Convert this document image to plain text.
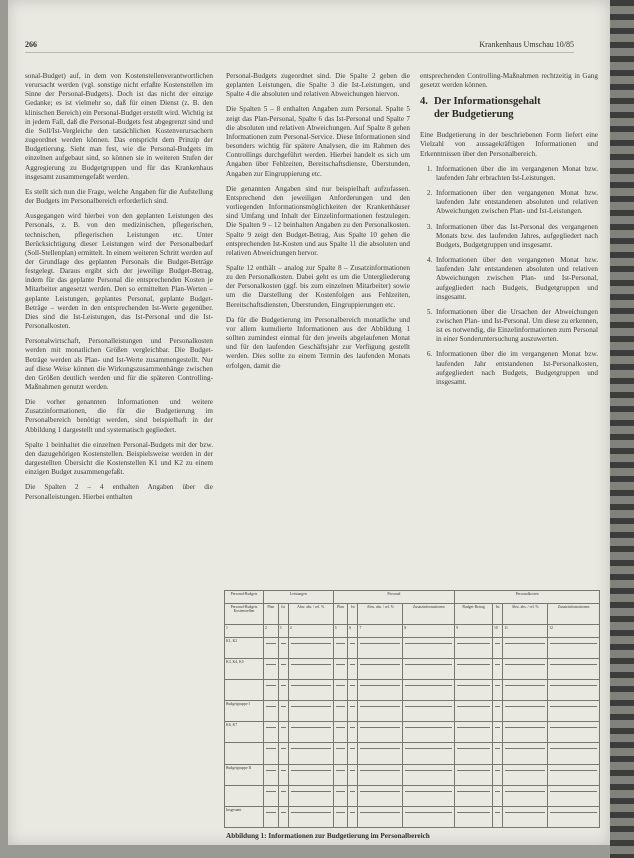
266	Krankenhaus Umschau 10/85

sonal-Budget) auf, in dem von Kostenstellenverantwortlichen verursacht werden (vgl. sonstige nicht erfaßte Kostenstellen im Sinne der Personal-Budgets). Doch ist das nicht der einzige Gedanke; es ist vielmehr so, daß für einen Dienst (z. B. den klinischen Bereich) ein Personal-Budget erstellt wird. Wichtig ist in jedem Fall, daß die Personal-Budgets fest abgegrenzt sind und die Soll/Ist-Vergleiche den tatsächlichen Kostenverursachern zugeordnet werden können. Das entspricht dem Prinzip der Budgetierung. Sieht man fest, wie die Personal-Budgets im einzelnen aufgebaut sind, so können sie in weiteren Stufen der Aggregierung zu Budgetgruppen und für das Krankenhaus insgesamt zusammengefaßt werden.

Es stellt sich nun die Frage, welche Angaben für die Aufstellung der Budgets im Personalbereich erforderlich sind.

Ausgegangen wird hierbei von den geplanten Leistungen des Personals, z. B. von den medizinischen, pflegerischen, technischen, pflegerischen Leistungen etc. Unter Berücksichtigung dieser Leistungen wird der Personalbedarf (Soll-Stellenplan) ermittelt. In einem weiteren Schritt werden auf der Grundlage des geplanten Personals die Budget-Beträge festgelegt. Daraus ergibt sich der jeweilige Budget-Betrag, indem für das geplante Personal die entsprechenden Kosten je Mitarbeiter angesetzt werden. Den so ermittelten Plan-Werten – geplante Leistungen, geplantes Personal, geplante Budget-Beträge – werden in den entsprechenden Ist-Werte gegenüber. Dies sind die Ist-Leistungen, das Ist-Personal und die Ist-Personalkosten.

Personalwirtschaft, Personalleistungen und Personalkosten werden mit monatlichen Größen vergleichbar. Die Budget-Beträge werden als Plan- und Ist-Werte zusammengestellt. Nur auf diese Weise können die Wirkungszusammenhänge zwischen den Größen deutlich werden und für die späteren Controlling-Maßnahmen genutzt werden.

Die vorher genannten Informationen und weitere Zusatzinformationen, die für die Budgetierung im Personalbereich benötigt werden, sind beispielhaft in der Abbildung 1 dargestellt und systematisch gegliedert.

Spalte 1 beinhaltet die einzelnen Personal-Budgets mit der bzw. den dazugehörigen Kostenstellen. Beispielsweise werden in der dargestellten Übersicht die Kostenstellen K1 und K2 zu einem einzigen Budget zusammengefaßt.

Die Spalten 2 – 4 enthalten Angaben über die Personalleistungen. Hierbei enthalten

Personal-Budgets zugeordnet sind. Die Spalte 2 geben die geplanten Leistungen, die Spalte 3 die Ist-Leistungen, und Spalte 4 die absoluten und relativen Abweichungen hiervon.

Die Spalten 5 – 8 enthalten Angaben zum Personal. Spalte 5 zeigt das Plan-Personal, Spalte 6 das Ist-Personal und Spalte 7 die absoluten und relativen Abweichungen. Auf Spalte 8 gehen Informationen zum Personal-Service. Diese Informationen sind besonders wichtig für spätere Analysen, die im Rahmen des Controllings durchgeführt werden. Hierbei handelt es sich um Angaben über Fehlzeiten, Bereitschaftsdienste, Überstunden, Angaben zur Eingruppierung etc.

Die genannten Angaben sind nur beispielhaft aufzufassen. Entsprechend den jeweiligen Anforderungen und den vorliegenden Informationsmöglichkeiten der Krankenhäuser sind Umfang und Inhalt der Einzelinformationen festzulegen. Die Spalten 9 – 12 beinhalten Angaben zu den Personalkosten. Spalte 9 zeigt den Budget-Betrag, Aus Spalte 10 gehen die entsprechenden Ist-Kosten und aus Spalte 11 die absoluten und relativen Abweichungen hervor.

Spalte 12 enthält – analog zur Spalte 8 – Zusatzinformationen zu den Personalkosten. Dabei geht es um die Untergliederung der Personalkosten (ggf. bis zum einzelnen Mitarbeiter) sowie um die Darstellung der Kostenfolgen aus Fehlzeiten, Bereitschaftsdiensten, Überstunden, Eingruppierungen etc.

Da für die Budgetierung im Personalbereich monatliche und vor allem kumulierte Informationen aus der Abbildung 1 sollten zumindest einmal für den jeweils abgelaufenen Monat und für den laufenden Geschäftsjahr zur Verfügung gestellt werden. Dies sollte zu einem Termin des laufenden Monats erfolgen, damit die

entsprechenden Controlling-Maßnahmen rechtzeitig in Gang gesetzt werden können.

4. Der Informationsgehalt
der Budgetierung

Eine Budgetierung in der beschriebenen Form liefert eine Vielzahl von aussagekräftigen Informationen und Erkenntnissen über den Personalbereich.

1. Informationen über die im vergangenen Monat bzw. laufenden Jahr erbrachten Ist-Leistungen.
2. Informationen über den vergangenen Monat bzw. laufenden Jahr entstandenen absoluten und relativen Abweichungen zwischen Plan- und Ist-Leistungen.
3. Informationen über das Ist-Personal des vergangenen Monats bzw. des laufenden Jahres, aufgegliedert nach Budgets, Budgetgruppen und insgesamt.
4. Informationen über den vergangenen Monat bzw. laufenden Jahr entstandenen absoluten und relativen Abweichungen zwischen Plan- und Ist-Personal, aufgegliedert nach Budgets, Budgetgruppen und insgesamt.
5. Informationen über die Ursachen der Abweichungen zwischen Plan- und Ist-Personal. Um diese zu erkennen, ist es notwendig, die Einzelinformationen zum Personal in einer Sonderuntersuchung auszuwerten.
6. Informationen über die im vergangenen Monat bzw. laufenden Jahr entstandenen Ist-Personalkosten, aufgegliedert nach Budgets, Budgetgruppen und insgesamt.
Personal-Budgets	Leistungen			Personal				Personalkosten			
Personal-Budgets Kostenstellen	Plan	Ist	Abw. abs. / rel. %	Plan	Ist	Abw. abs. / rel. %	Zusatzinformationen	Budget-Betrag	Ist	Abw. abs. / rel. %	Zusatzinformationen
1	2	3	4	5	6	7	8	9	10	11	12
K1, K2	

K3, K4, K5	

Budgetgruppe I	

K6, K7	

Budgetgruppe II	

Insgesamt	

Abbildung 1: Informationen zur Budgetierung im Personalbereich
